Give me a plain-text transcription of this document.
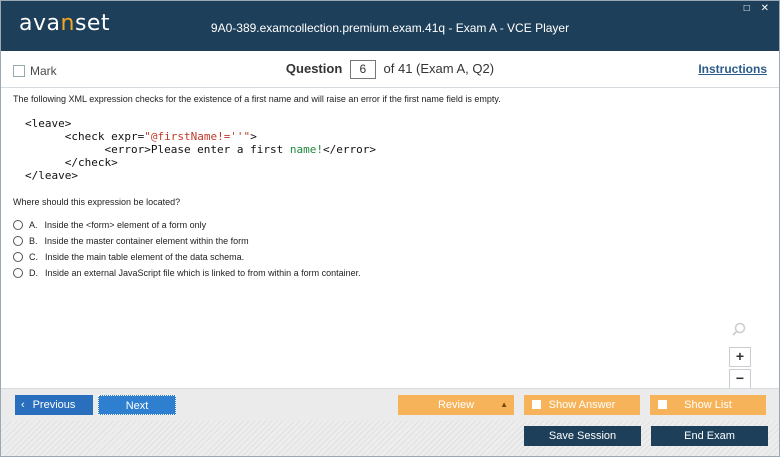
avanset	9A0-389.examcollection.premium.exam.41q - Exam A - VCE Player
□ ✕
Mark	Question 6 of 41 (Exam A, Q2)	Instructions
The following XML expression checks for the existence of a first name and will raise an error if the first name field is empty.
<leave>
<check expr="@firstName!=''">
<error>Please enter a first name!</error>
</check>
</leave>
Where should this expression be located?
A. Inside the <form> element of a form only
B. Inside the master container element within the form
C. Inside the main table element of the data schema.
D. Inside an external JavaScript file which is linked to from within a form container.
+
−
‹ Previous	Next	Review	▲	Show Answer	Show List
Save Session	End Exam
